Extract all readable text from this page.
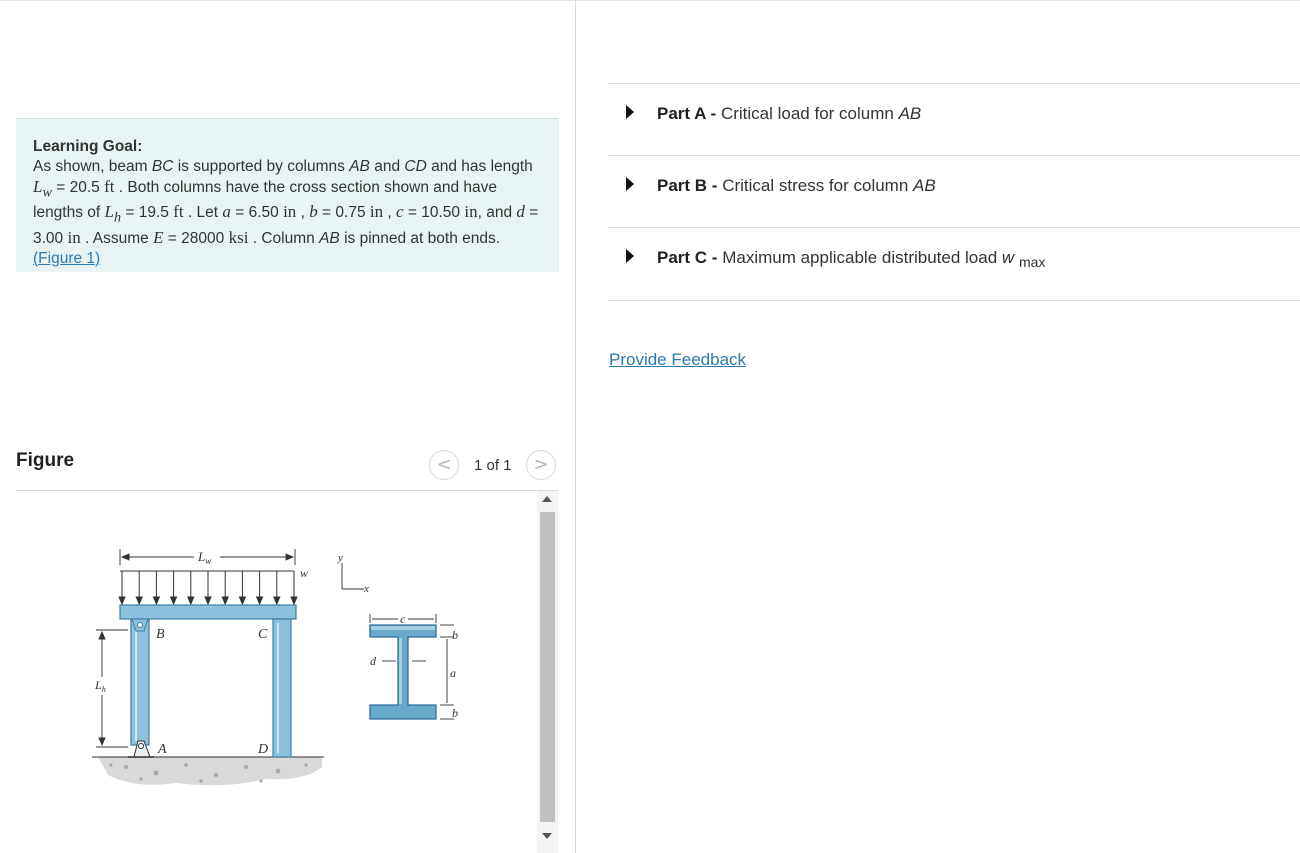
Learning Goal:
As shown, beam BC is supported by columns AB and CD and has length $L_w = 20.5$ ft . Both columns have the cross section shown and have lengths of $L_h = 19.5$ ft . Let a = 6.50 in , b = 0.75 in , c = 10.50 in, and d = 3.00 in . Assume E = 28000 ksi . Column AB is pinned at both ends.(Figure 1)
Figure	<	1 of 1	>
$L_w$
w
y
x
B	C
A	D
$L_h$
c
b
a
b
d
Part A - Critical load for column AB
Part B - Critical stress for column AB
Part C - Maximum applicable distributed load w $_{max}$
Provide Feedback
